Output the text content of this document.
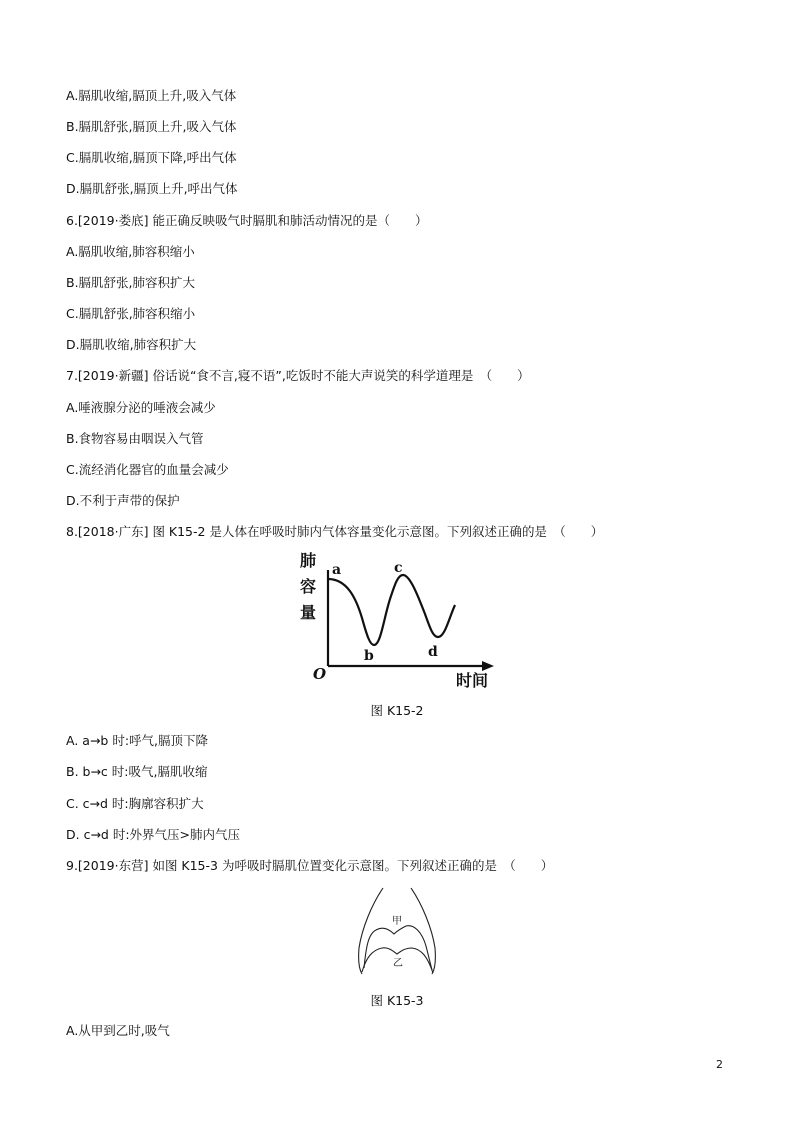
A.膈肌收缩,膈顶上升,吸入气体
B.膈肌舒张,膈顶上升,吸入气体
C.膈肌收缩,膈顶下降,呼出气体
D.膈肌舒张,膈顶上升,呼出气体
6.[2019·娄底] 能正确反映吸气时膈肌和肺活动情况的是（　　）
A.膈肌收缩,肺容积缩小
B.膈肌舒张,肺容积扩大
C.膈肌舒张,肺容积缩小
D.膈肌收缩,肺容积扩大
7.[2019·新疆] 俗话说“食不言,寝不语”,吃饭时不能大声说笑的科学道理是　（　　）
A.唾液腺分泌的唾液会减少
B.食物容易由咽误入气管
C.流经消化器官的血量会减少
D.不利于声带的保护
8.[2018·广东] 图 K15-2 是人体在呼吸时肺内气体容量变化示意图。下列叙述正确的是　（　　）
肺
容
量
O	时间
a
b
c
d
图 K15-2
A. a→b 时:呼气,膈顶下降
B. b→c 时:吸气,膈肌收缩
C. c→d 时:胸廓容积扩大
D. c→d 时:外界气压>肺内气压
9.[2019·东营] 如图 K15-3 为呼吸时膈肌位置变化示意图。下列叙述正确的是　（　　）
甲
乙
图 K15-3
A.从甲到乙时,吸气
2
